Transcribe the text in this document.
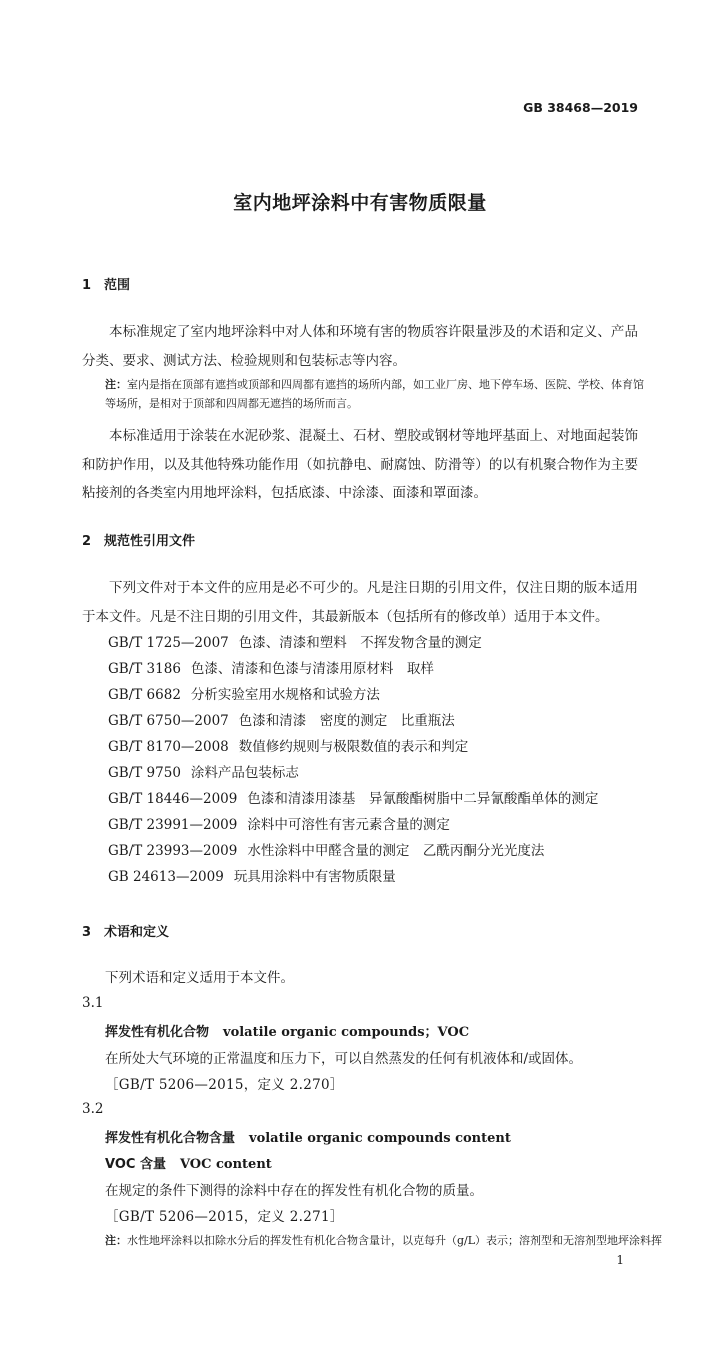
GB 38468—2019
室内地坪涂料中有害物质限量
1 范围

本标准规定了室内地坪涂料中对人体和环境有害的物质容许限量涉及的术语和定义、产品分类、要求、测试方法、检验规则和包装标志等内容。

注：室内是指在顶部有遮挡或顶部和四周都有遮挡的场所内部，如工业厂房、地下停车场、医院、学校、体育馆等场所，是相对于顶部和四周都无遮挡的场所而言。

本标准适用于涂装在水泥砂浆、混凝土、石材、塑胶或钢材等地坪基面上、对地面起装饰和防护作用，以及其他特殊功能作用（如抗静电、耐腐蚀、防滑等）的以有机聚合物作为主要粘接剂的各类室内用地坪涂料，包括底漆、中涂漆、面漆和罩面漆。

2 规范性引用文件

下列文件对于本文件的应用是必不可少的。凡是注日期的引用文件，仅注日期的版本适用于本文件。凡是不注日期的引用文件，其最新版本（包括所有的修改单）适用于本文件。

GB/T 1725—2007 色漆、清漆和塑料　不挥发物含量的测定
GB/T 3186 色漆、清漆和色漆与清漆用原材料　取样
GB/T 6682 分析实验室用水规格和试验方法
GB/T 6750—2007 色漆和清漆　密度的测定　比重瓶法
GB/T 8170—2008 数值修约规则与极限数值的表示和判定
GB/T 9750 涂料产品包装标志
GB/T 18446—2009 色漆和清漆用漆基　异氰酸酯树脂中二异氰酸酯单体的测定
GB/T 23991—2009 涂料中可溶性有害元素含量的测定
GB/T 23993—2009 水性涂料中甲醛含量的测定　乙酰丙酮分光光度法
GB 24613—2009 玩具用涂料中有害物质限量
3 术语和定义
下列术语和定义适用于本文件。
3.1
挥发性有机化合物 volatile organic compounds；VOC
在所处大气环境的正常温度和压力下，可以自然蒸发的任何有机液体和/或固体。
［GB/T 5206—2015，定义 2.270］
3.2
挥发性有机化合物含量 volatile organic compounds content
VOC 含量 VOC content
在规定的条件下测得的涂料中存在的挥发性有机化合物的质量。
［GB/T 5206—2015，定义 2.271］
注：水性地坪涂料以扣除水分后的挥发性有机化合物含量计，以克每升（g/L）表示；溶剂型和无溶剂型地坪涂料挥
1
